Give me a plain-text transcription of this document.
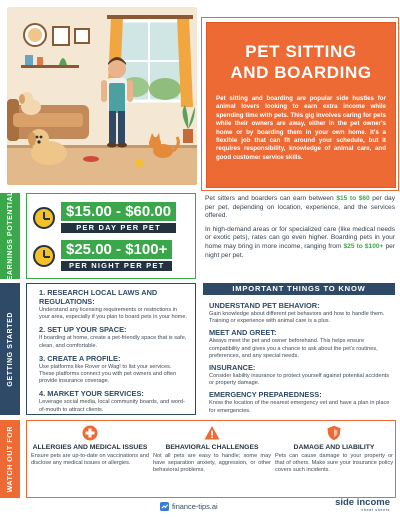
PET SITTING
AND BOARDING
Pet sitting and boarding are popular side hustles for animal lovers looking to earn extra income while spending time with pets. This gig involves caring for pets while their owners are away, either in the pet owner's home or by boarding them in your own home. It's a flexible job that can fit around your schedule, but it requires responsibility, knowledge of animal care, and good customer service skills.
EARNINGS POTENTIAL	$15.00 - $60.00
PER DAY PER PET
$25.00 - $100+
PER NIGHT PER PET

Pet sitters and boarders can earn between $15 to $60 per day per pet, depending on location, experience, and the services offered.

In high-demand areas or for specialized care (like medical needs or exotic pets), rates can go even higher. Boarding pets in your home may bring in more income, ranging from $25 to $100+ per night per pet.

GETTING STARTED
1. RESEARCH LOCAL LAWS AND REGULATIONS:
Understand any licensing requirements or restrictions in your area, especially if you plan to board pets in your home.
2. SET UP YOUR SPACE:
If boarding at home, create a pet-friendly space that is safe, clean, and comfortable.
3. CREATE A PROFILE:
Use platforms like Rover or Wag! to list your services. These platforms connect you with pet owners and often provide insurance coverage.
4. MARKET YOUR SERVICES:
Leverage social media, local community boards, and word-of-mouth to attract clients.
IMPORTANT THINGS TO KNOW
UNDERSTAND PET BEHAVIOR:
Gain knowledge about different pet behaviors and how to handle them. Training or experience with animal care is a plus.
MEET AND GREET:
Always meet the pet and owner beforehand. This helps ensure compatibility and gives you a chance to ask about the pet's routines, preferences, and any special needs.
INSURANCE:
Consider liability insurance to protect yourself against potential accidents or property damage.
EMERGENCY PREPAREDNESS:
Know the location of the nearest emergency vet and have a plan in place for emergencies.
WATCH OUT FOR	ALLERGIES AND MEDICAL ISSUES
Ensure pets are up-to-date on vaccinations and disclose any medical issues or allergies.
BEHAVIORAL CHALLENGES
Not all pets are easy to handle; some may have separation anxiety, aggression, or other behavioral problems.
DAMAGE AND LIABILITY
Pets can cause damage to your property or that of others. Make sure your insurance policy covers such incidents.
finance-tips.ai	side income
cheat sheets
